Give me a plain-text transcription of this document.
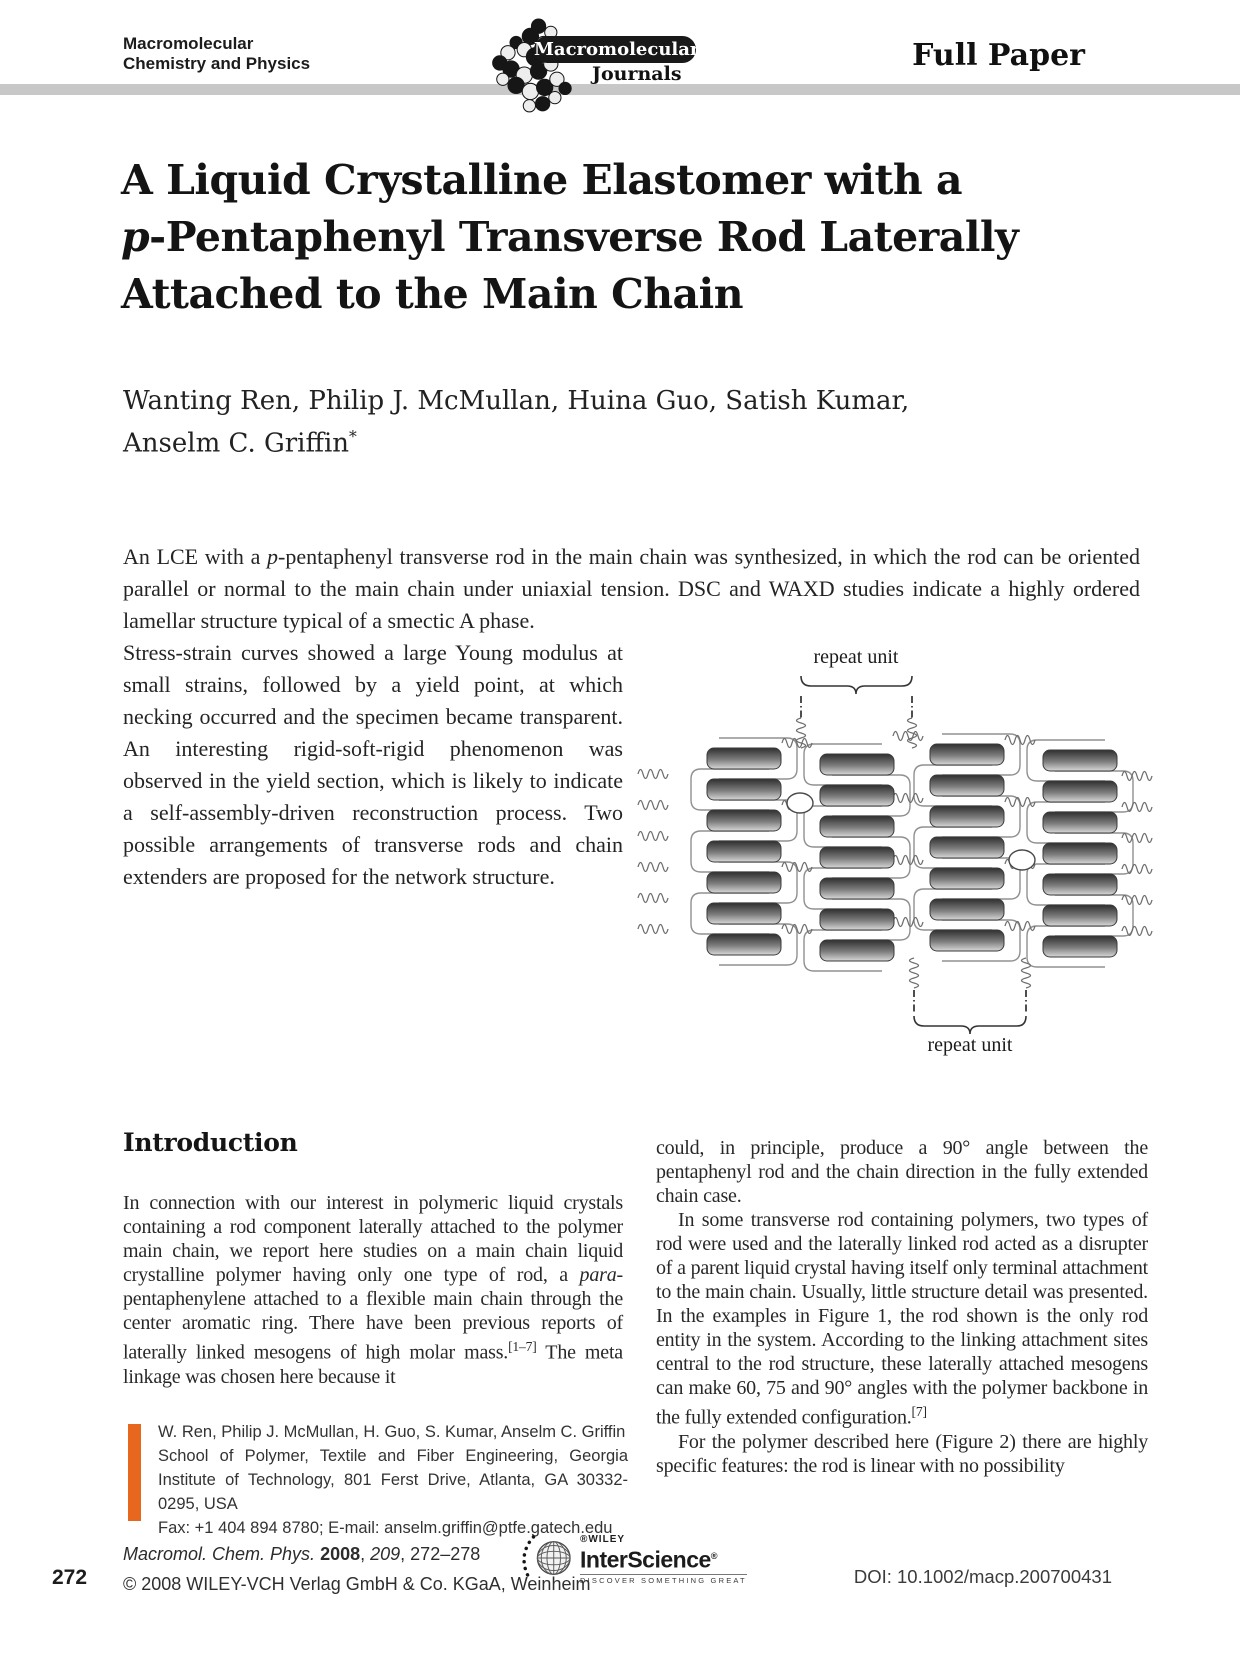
Macromolecular
Chemistry and Physics
Macromolecular
Journals
Full Paper
A Liquid Crystalline Elastomer with a
p-Pentaphenyl Transverse Rod Laterally
Attached to the Main Chain
Wanting Ren, Philip J. McMullan, Huina Guo, Satish Kumar,
Anselm C. Griffin*
An LCE with a p-pentaphenyl transverse rod in the main chain was synthesized, in which the rod can be oriented parallel or normal to the main chain under uniaxial tension. DSC and WAXD studies indicate a highly ordered lamellar structure typical of a smectic A phase.
Stress-strain curves showed a large Young modulus at small strains, followed by a yield point, at which necking occurred and the specimen became transparent. An interesting rigid-soft-rigid phenomenon was observed in the yield section, which is likely to indicate a self-assembly-driven reconstruction process. Two possible arrangements of transverse rods and chain extenders are proposed for the network structure.
repeat unit
repeat unit
Introduction

In connection with our interest in polymeric liquid crystals containing a rod component laterally attached to the polymer main chain, we report here studies on a main chain liquid crystalline polymer having only one type of rod, a para-pentaphenylene attached to a flexible main chain through the center aromatic ring. There have been previous reports of laterally linked mesogens of high molar mass.[1–7] The meta linkage was chosen here because it

could, in principle, produce a 90° angle between the pentaphenyl rod and the chain direction in the fully extended chain case.

In some transverse rod containing polymers, two types of rod were used and the laterally linked rod acted as a disrupter of a parent liquid crystal having itself only terminal attachment to the main chain. Usually, little structure detail was presented. In the examples in Figure 1, the rod shown is the only rod entity in the system. According to the linking attachment sites central to the rod structure, these laterally attached mesogens can make 60, 75 and 90° angles with the polymer backbone in the fully extended configuration.[7]

For the polymer described here (Figure 2) there are highly specific features: the rod is linear with no possibility

W. Ren, Philip J. McMullan, H. Guo, S. Kumar, Anselm C. Griffin
School of Polymer, Textile and Fiber Engineering, Georgia Institute of Technology, 801 Ferst Drive, Atlanta, GA 30332-0295, USA
Fax: +1 404 894 8780; E-mail: anselm.griffin@ptfe.gatech.edu
272
Macromol. Chem. Phys. 2008, 209, 272–278
© 2008 WILEY-VCH Verlag GmbH & Co. KGaA, Weinheim
®WILEY
InterScience®
DISCOVER SOMETHING GREAT	DOI: 10.1002/macp.200700431
